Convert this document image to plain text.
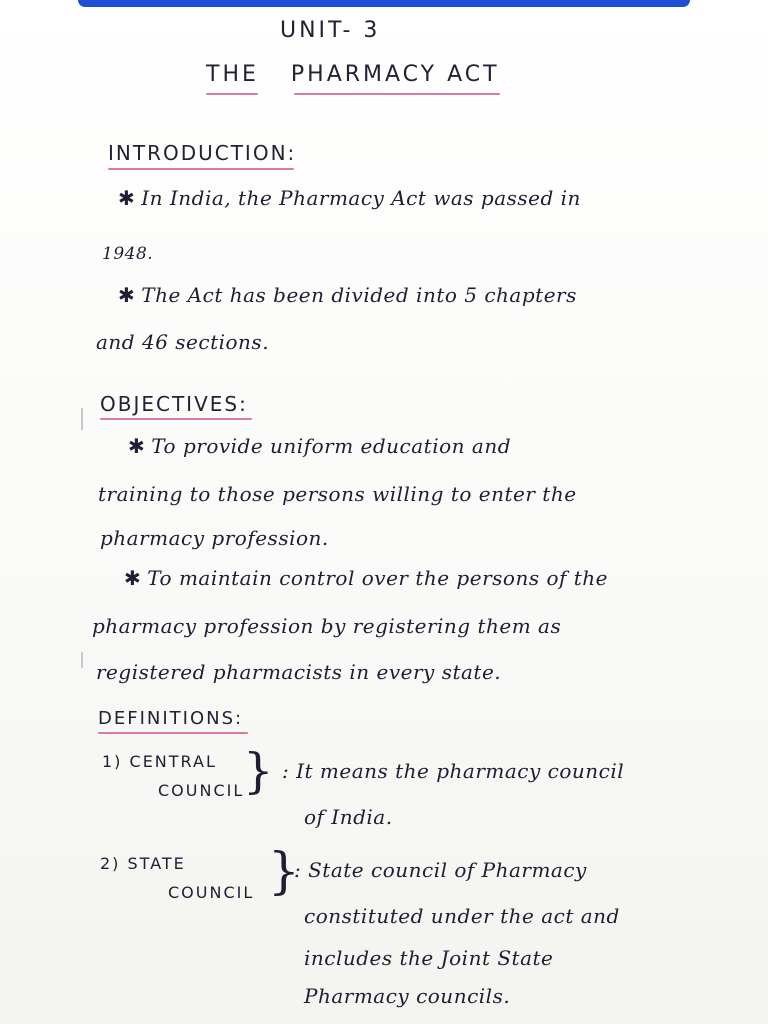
UNIT- 3
THE PHARMACY ACT
INTRODUCTION:
✱ In India, the Pharmacy Act was passed in
1948.
✱ The Act has been divided into 5 chapters
and 46 sections.
OBJECTIVES:
✱ To provide uniform education and
training to those persons willing to enter the
pharmacy profession.
✱ To maintain control over the persons of the
pharmacy profession by registering them as
registered pharmacists in every state.
DEFINITIONS:
1) CENTRAL
COUNCIL
} : It means the pharmacy council
of India.
2) STATE
COUNCIL }
: State council of Pharmacy
constituted under the act and
includes the Joint State
Pharmacy councils.
